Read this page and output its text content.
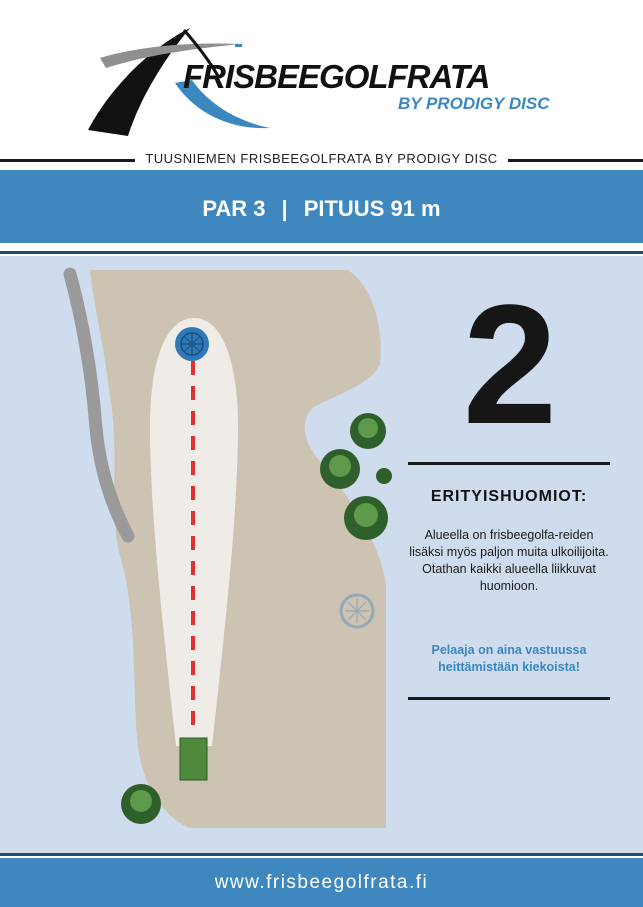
FRISBEEGOLFRATA
BY PRODIGY DISC
TUUSNIEMEN FRISBEEGOLFRATA BY PRODIGY DISC
PAR 3 | PITUUS 91 m
2
ERITYISHUOMIOT:
Alueella on frisbeegolfa-reiden lisäksi myös paljon muita ulkoilijoita. Otathan kaikki alueella liikkuvat huomioon.
Pelaaja on aina vastuussa heittämistään kiekoista!
www.frisbeegolfrata.fi
